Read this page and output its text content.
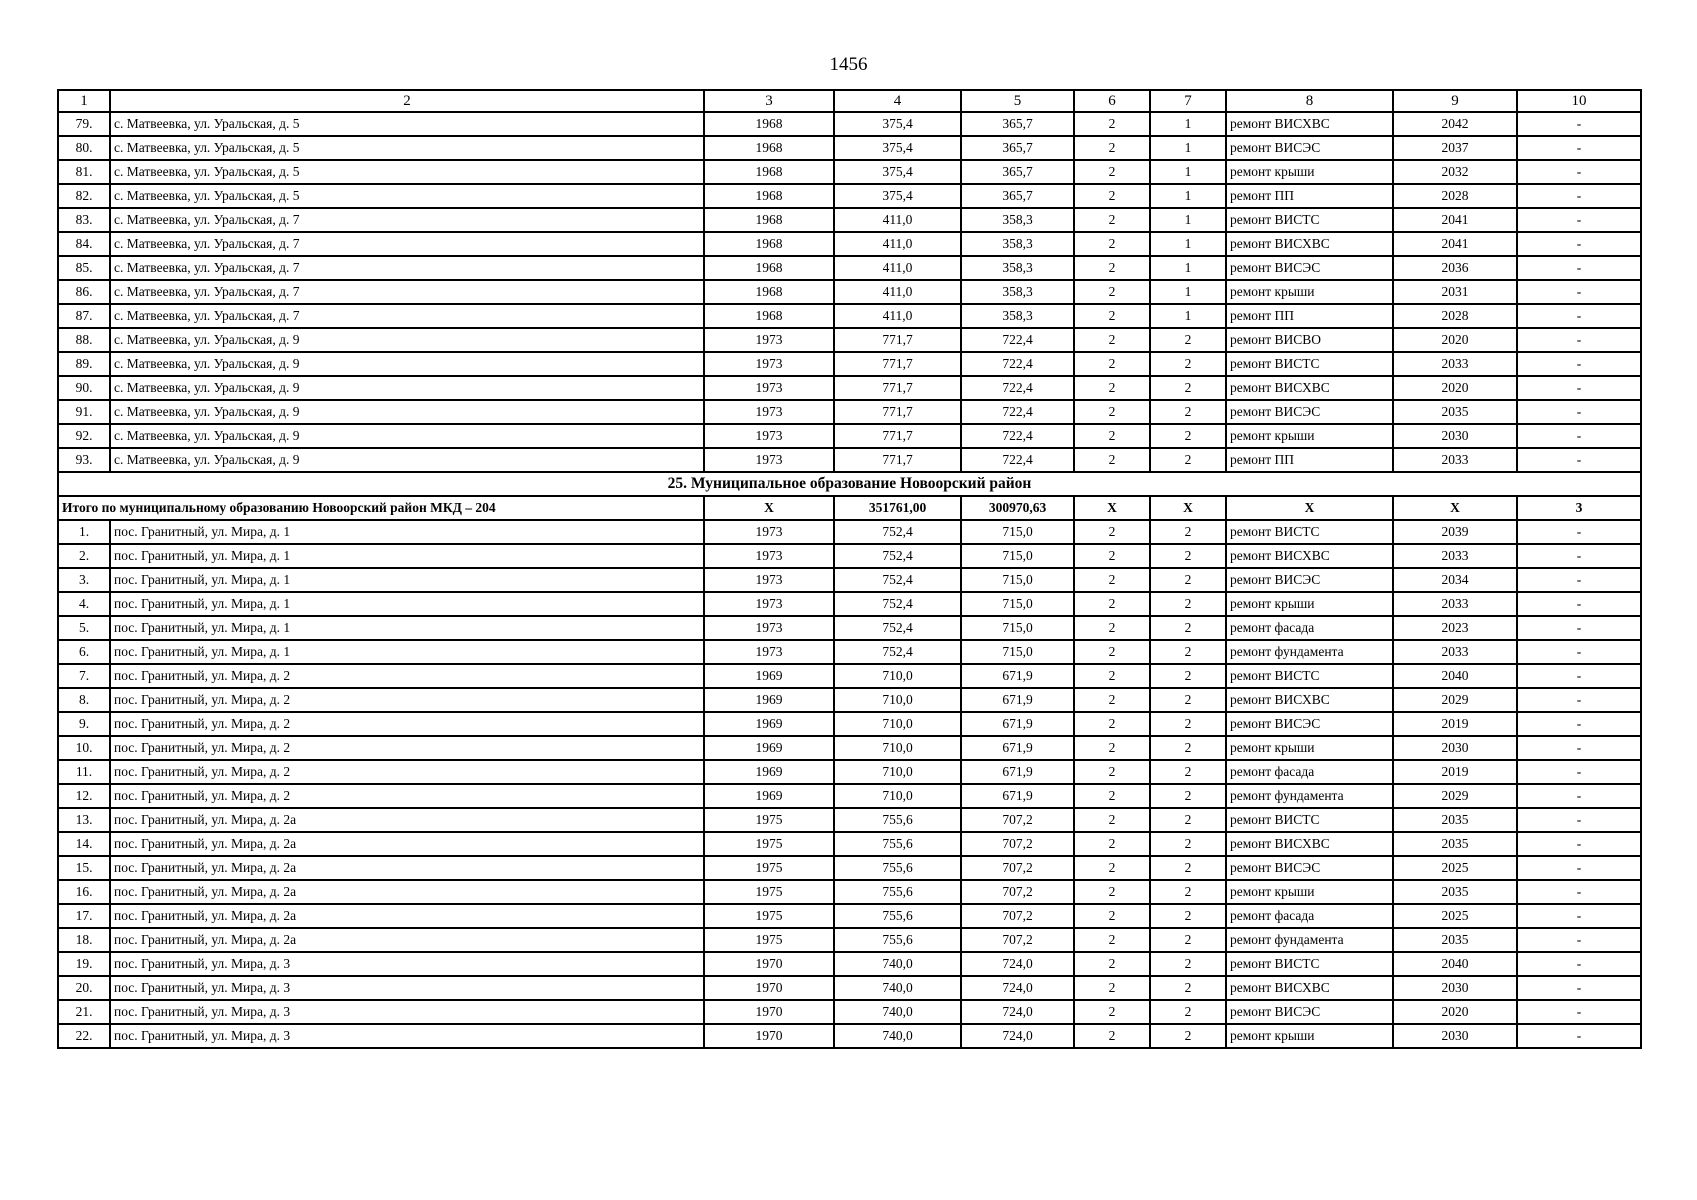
1456
1	2	3	4	5	6	7	8	9	10
79.	с. Матвеевка, ул. Уральская, д. 5	1968	375,4	365,7	2	1	ремонт ВИСХВС	2042	-
80.	с. Матвеевка, ул. Уральская, д. 5	1968	375,4	365,7	2	1	ремонт ВИСЭС	2037	-
81.	с. Матвеевка, ул. Уральская, д. 5	1968	375,4	365,7	2	1	ремонт крыши	2032	-
82.	с. Матвеевка, ул. Уральская, д. 5	1968	375,4	365,7	2	1	ремонт ПП	2028	-
83.	с. Матвеевка, ул. Уральская, д. 7	1968	411,0	358,3	2	1	ремонт ВИСТС	2041	-
84.	с. Матвеевка, ул. Уральская, д. 7	1968	411,0	358,3	2	1	ремонт ВИСХВС	2041	-
85.	с. Матвеевка, ул. Уральская, д. 7	1968	411,0	358,3	2	1	ремонт ВИСЭС	2036	-
86.	с. Матвеевка, ул. Уральская, д. 7	1968	411,0	358,3	2	1	ремонт крыши	2031	-
87.	с. Матвеевка, ул. Уральская, д. 7	1968	411,0	358,3	2	1	ремонт ПП	2028	-
88.	с. Матвеевка, ул. Уральская, д. 9	1973	771,7	722,4	2	2	ремонт ВИСВО	2020	-
89.	с. Матвеевка, ул. Уральская, д. 9	1973	771,7	722,4	2	2	ремонт ВИСТС	2033	-
90.	с. Матвеевка, ул. Уральская, д. 9	1973	771,7	722,4	2	2	ремонт ВИСХВС	2020	-
91.	с. Матвеевка, ул. Уральская, д. 9	1973	771,7	722,4	2	2	ремонт ВИСЭС	2035	-
92.	с. Матвеевка, ул. Уральская, д. 9	1973	771,7	722,4	2	2	ремонт крыши	2030	-
93.	с. Матвеевка, ул. Уральская, д. 9	1973	771,7	722,4	2	2	ремонт ПП	2033	-
25. Муниципальное образование Новоорский район									
Итого по муниципальному образованию Новоорский район МКД – 204		X	351761,00	300970,63	X	X	X	X	3
1.	пос. Гранитный, ул. Мира, д. 1	1973	752,4	715,0	2	2	ремонт ВИСТС	2039	-
2.	пос. Гранитный, ул. Мира, д. 1	1973	752,4	715,0	2	2	ремонт ВИСХВС	2033	-
3.	пос. Гранитный, ул. Мира, д. 1	1973	752,4	715,0	2	2	ремонт ВИСЭС	2034	-
4.	пос. Гранитный, ул. Мира, д. 1	1973	752,4	715,0	2	2	ремонт крыши	2033	-
5.	пос. Гранитный, ул. Мира, д. 1	1973	752,4	715,0	2	2	ремонт фасада	2023	-
6.	пос. Гранитный, ул. Мира, д. 1	1973	752,4	715,0	2	2	ремонт фундамента	2033	-
7.	пос. Гранитный, ул. Мира, д. 2	1969	710,0	671,9	2	2	ремонт ВИСТС	2040	-
8.	пос. Гранитный, ул. Мира, д. 2	1969	710,0	671,9	2	2	ремонт ВИСХВС	2029	-
9.	пос. Гранитный, ул. Мира, д. 2	1969	710,0	671,9	2	2	ремонт ВИСЭС	2019	-
10.	пос. Гранитный, ул. Мира, д. 2	1969	710,0	671,9	2	2	ремонт крыши	2030	-
11.	пос. Гранитный, ул. Мира, д. 2	1969	710,0	671,9	2	2	ремонт фасада	2019	-
12.	пос. Гранитный, ул. Мира, д. 2	1969	710,0	671,9	2	2	ремонт фундамента	2029	-
13.	пос. Гранитный, ул. Мира, д. 2а	1975	755,6	707,2	2	2	ремонт ВИСТС	2035	-
14.	пос. Гранитный, ул. Мира, д. 2а	1975	755,6	707,2	2	2	ремонт ВИСХВС	2035	-
15.	пос. Гранитный, ул. Мира, д. 2а	1975	755,6	707,2	2	2	ремонт ВИСЭС	2025	-
16.	пос. Гранитный, ул. Мира, д. 2а	1975	755,6	707,2	2	2	ремонт крыши	2035	-
17.	пос. Гранитный, ул. Мира, д. 2а	1975	755,6	707,2	2	2	ремонт фасада	2025	-
18.	пос. Гранитный, ул. Мира, д. 2а	1975	755,6	707,2	2	2	ремонт фундамента	2035	-
19.	пос. Гранитный, ул. Мира, д. 3	1970	740,0	724,0	2	2	ремонт ВИСТС	2040	-
20.	пос. Гранитный, ул. Мира, д. 3	1970	740,0	724,0	2	2	ремонт ВИСХВС	2030	-
21.	пос. Гранитный, ул. Мира, д. 3	1970	740,0	724,0	2	2	ремонт ВИСЭС	2020	-
22.	пос. Гранитный, ул. Мира, д. 3	1970	740,0	724,0	2	2	ремонт крыши	2030	-
